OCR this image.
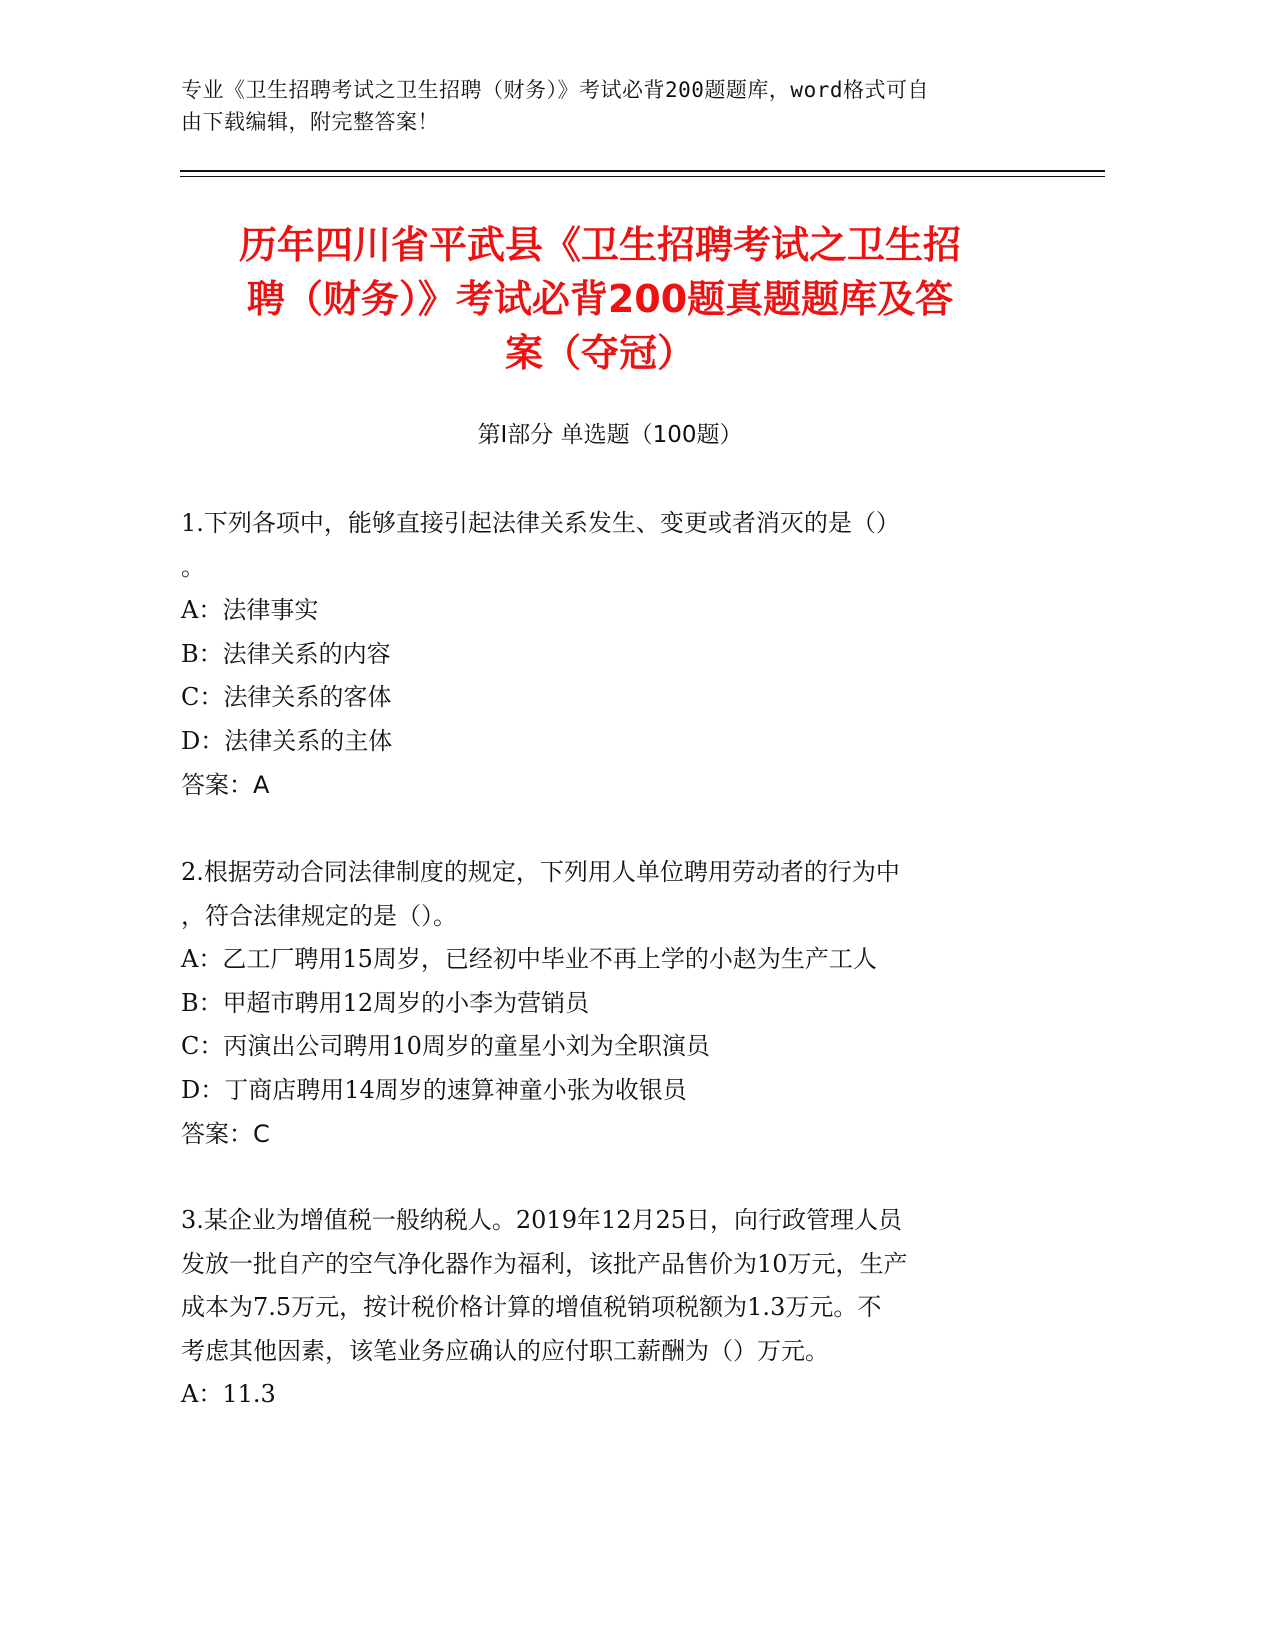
专业《卫生招聘考试之卫生招聘（财务）》考试必背200题题库，word格式可自
由下载编辑，附完整答案！
历年四川省平武县《卫生招聘考试之卫生招
聘（财务）》考试必背200题真题题库及答
案（夺冠）
第Ⅰ部分 单选题（100题）
1.下列各项中，能够直接引起法律关系发生、变更或者消灭的是（）
。
A：法律事实
B：法律关系的内容
C：法律关系的客体
D：法律关系的主体
答案：A
2.根据劳动合同法律制度的规定，下列用人单位聘用劳动者的行为中
，符合法律规定的是（）。
A：乙工厂聘用15周岁，已经初中毕业不再上学的小赵为生产工人
B：甲超市聘用12周岁的小李为营销员
C：丙演出公司聘用10周岁的童星小刘为全职演员
D：丁商店聘用14周岁的速算神童小张为收银员
答案：C
3.某企业为增值税一般纳税人。2019年12月25日，向行政管理人员
发放一批自产的空气净化器作为福利，该批产品售价为10万元，生产
成本为7.5万元，按计税价格计算的增值税销项税额为1.3万元。不
考虑其他因素，该笔业务应确认的应付职工薪酬为（）万元。
A：11.3
